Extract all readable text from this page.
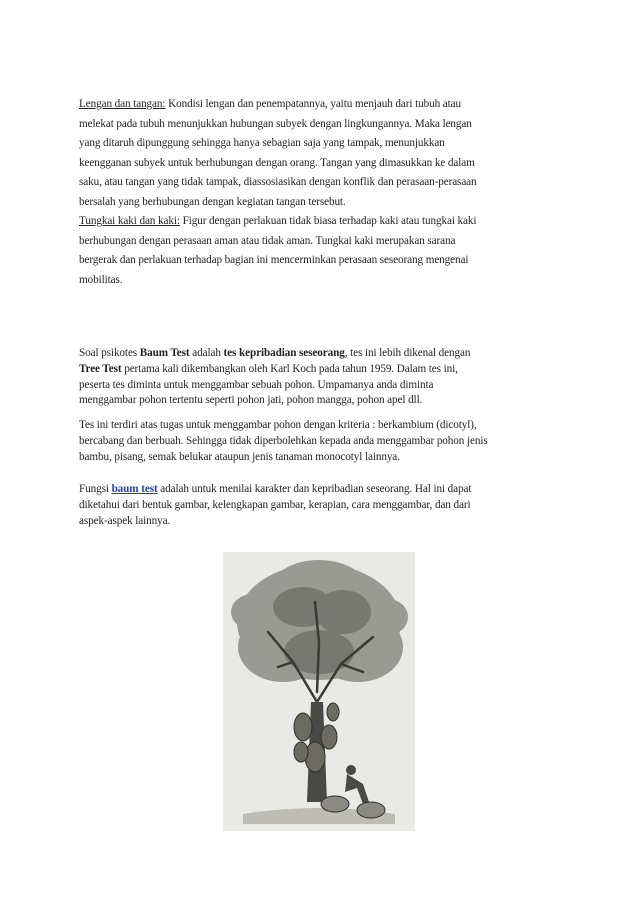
Lengan dan tangan: Kondisi lengan dan penempatannya, yaitu menjauh dari tubuh atau
melekat pada tubuh menunjukkan hubungan subyek dengan lingkungannya. Maka lengan
yang ditaruh dipunggung sehingga hanya sebagian saja yang tampak, menunjukkan
keengganan subyek untuk berhubungan dengan orang. Tangan yang dimasukkan ke dalam
saku, atau tangan yang tidak tampak, diassosiasikan dengan konflik dan perasaan-perasaan
bersalah yang berhubungan dengan kegiatan tangan tersebut.
Tungkai kaki dan kaki: Figur dengan perlakuan tidak biasa terhadap kaki atau tungkai kaki
berhubungan dengan perasaan aman atau tidak aman. Tungkai kaki merupakan sarana
bergerak dan perlakuan terhadap bagian ini mencerminkan perasaan seseorang mengenai
mobilitas.
Soal psikotes Baum Test adalah tes kepribadian seseorang, tes ini lebih dikenal dengan
Tree Test pertama kali dikembangkan oleh Karl Koch pada tahun 1959. Dalam tes ini,
peserta tes diminta untuk menggambar sebuah pohon. Umpamanya anda diminta
menggambar pohon tertentu seperti pohon jati, pohon mangga, pohon apel dll.
Tes ini terdiri atas tugas untuk menggambar pohon dengan kriteria : berkambium (dicotyl),
bercabang dan berbuah. Sehingga tidak diperbolehkan kepada anda menggambar pohon jenis
bambu, pisang, semak belukar ataupun jenis tanaman monocotyl lainnya.
Fungsi baum test adalah untuk menilai karakter dan kepribadian seseorang. Hal ini dapat
diketahui dari bentuk gambar, kelengkapan gambar, kerapian, cara menggambar, dan dari
aspek-aspek lainnya.
